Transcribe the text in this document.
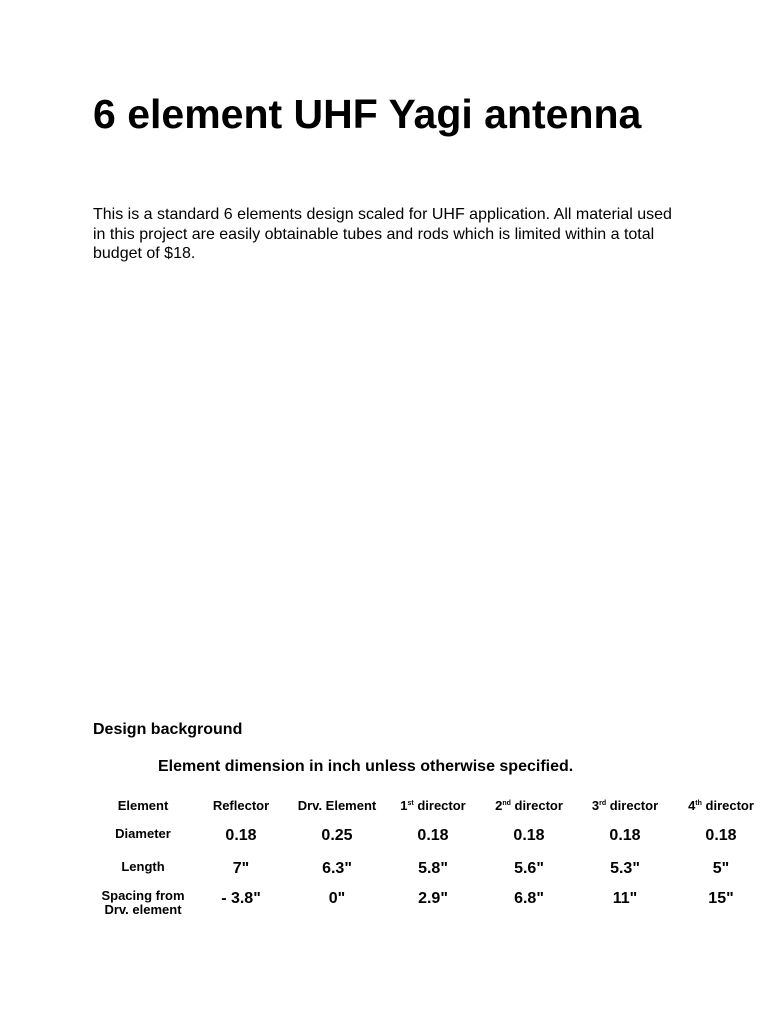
6 element UHF Yagi antenna

This is a standard 6 elements design scaled for UHF application. All material used in this project are easily obtainable tubes and rods which is limited within a total budget of $18.

Design background

Element dimension in inch unless otherwise specified.

Element	Reflector	Drv. Element	1st director	2nd director	3rd director	4th director
Diameter	0.18	0.25	0.18	0.18	0.18	0.18
Length	7"	6.3"	5.8"	5.6"	5.3"	5"
Spacing from
Drv. element	- 3.8"	0"	2.9"	6.8"	11"	15"
